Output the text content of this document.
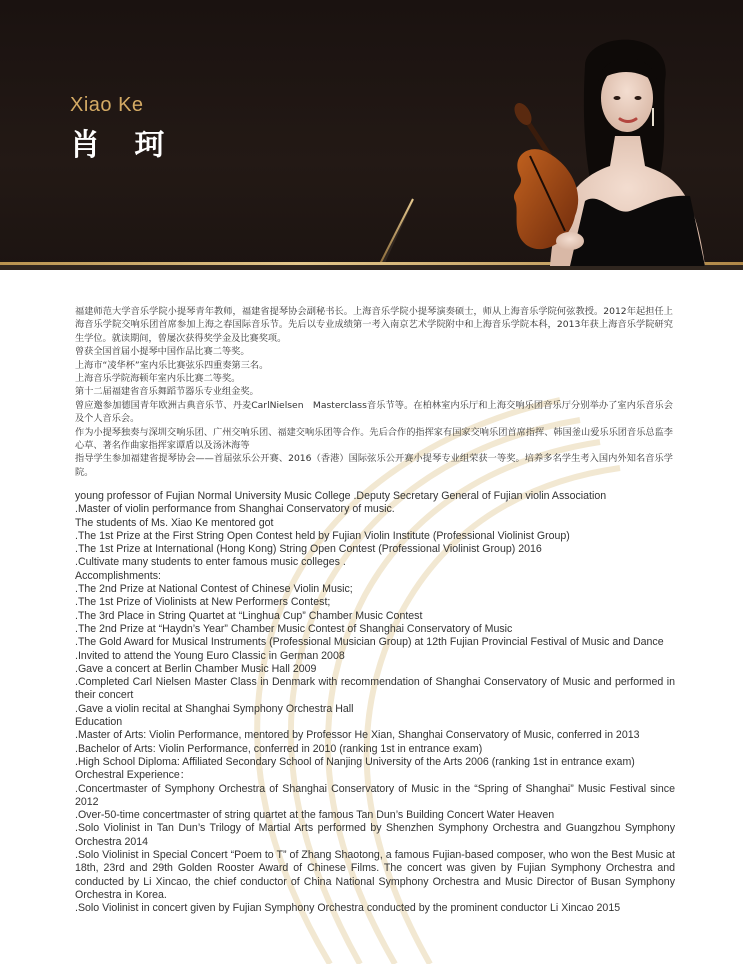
Xiao Ke
肖 珂

福建师范大学音乐学院小提琴青年教师，福建省提琴协会副秘书长。上海音乐学院小提琴演奏硕士，师从上海音乐学院何弦教授。2012年起担任上海音乐学院交响乐团首席参加上海之春国际音乐节。先后以专业成绩第一考入南京艺术学院附中和上海音乐学院本科，2013年获上海音乐学院研究生学位。就读期间，曾屡次获得奖学金及比赛奖项。

曾获全国首届小提琴中国作品比赛二等奖。

上海市“凌华杯”室内乐比赛弦乐四重奏第三名。

上海音乐学院海顿年室内乐比赛二等奖。

第十二届福建省音乐舞蹈节器乐专业组金奖。

曾应邀参加德国青年欧洲古典音乐节、丹麦CarlNielsen　Masterclass音乐节等。在柏林室内乐厅和上海交响乐团音乐厅分别举办了室内乐音乐会及个人音乐会。

作为小提琴独奏与深圳交响乐团、广州交响乐团、福建交响乐团等合作。先后合作的指挥家有国家交响乐团首席指挥、韩国釜山爱乐乐团音乐总监李心草、著名作曲家指挥家谭盾以及汤沐海等

指导学生参加福建省提琴协会——首届弦乐公开赛、2016（香港）国际弦乐公开赛小提琴专业组荣获一等奖。培养多名学生考入国内外知名音乐学院。

young professor of Fujian Normal University Music College .Deputy Secretary General of Fujian violin Association

.Master of violin performance from Shanghai Conservatory of music.

The students of Ms. Xiao Ke mentored got

.The 1st Prize at the First String Open Contest held by Fujian Violin Institute (Professional Violinist Group)

.The 1st Prize at International (Hong Kong) String Open Contest (Professional Violinist Group) 2016

.Cultivate many students to enter famous music colleges .

Accomplishments:

.The 2nd Prize at National Contest of Chinese Violin Music;

.The 1st Prize of Violinists at New Performers Contest;

.The 3rd Place in String Quartet at “Linghua Cup” Chamber Music Contest

.The 2nd Prize at “Haydn’s Year” Chamber Music Contest of Shanghai Conservatory of Music

.The Gold Award for Musical Instruments (Professional Musician Group) at 12th Fujian Provincial Festival of Music and Dance

.Invited to attend the Young Euro Classic in German 2008

.Gave a concert at Berlin Chamber Music Hall 2009

.Completed Carl Nielsen Master Class in Denmark with recommendation of Shanghai Conservatory of Music and performed in their concert

.Gave a violin recital at Shanghai Symphony Orchestra Hall

Education

.Master of Arts: Violin Performance, mentored by Professor He Xian, Shanghai Conservatory of Music, conferred in 2013

.Bachelor of Arts: Violin Performance, conferred in 2010 (ranking 1st in entrance exam)

.High School Diploma: Affiliated Secondary School of Nanjing University of the Arts 2006 (ranking 1st in entrance exam)

Orchestral Experience：

.Concertmaster of Symphony Orchestra of Shanghai Conservatory of Music in the “Spring of Shanghai” Music Festival since 2012

.Over-50-time concertmaster of string quartet at the famous Tan Dun’s Building Concert Water Heaven

.Solo Violinist in Tan Dun’s Trilogy of Martial Arts performed by Shenzhen Symphony Orchestra and Guangzhou Symphony Orchestra 2014

.Solo Violinist in Special Concert “Poem to T” of Zhang Shaotong, a famous Fujian-based composer, who won the Best Music at 18th, 23rd and 29th Golden Rooster Award of Chinese Films. The concert was given by Fujian Symphony Orchestra and conducted by Li Xincao, the chief conductor of China National Symphony Orchestra and Music Director of Busan Symphony Orchestra in Korea.

.Solo Violinist in concert given by Fujian Symphony Orchestra conducted by the prominent conductor Li Xincao 2015
